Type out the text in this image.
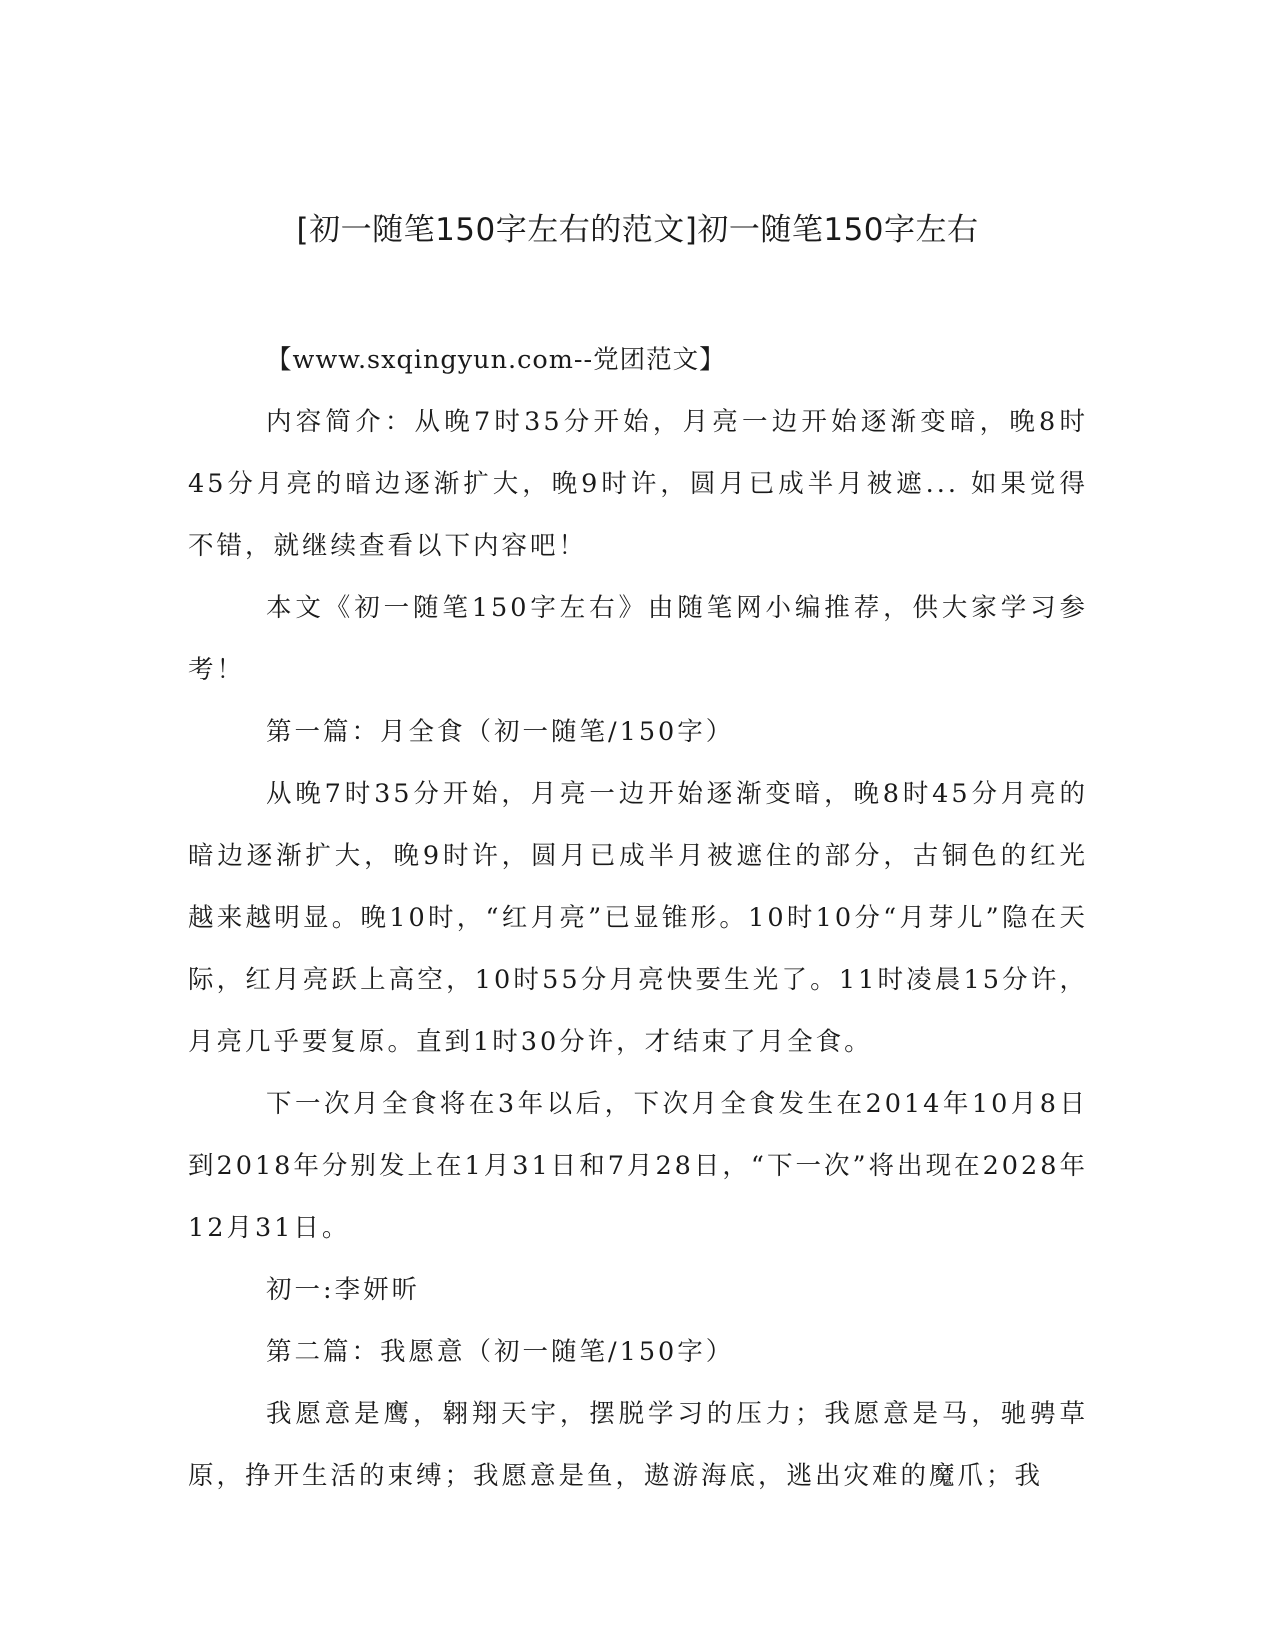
[初一随笔150字左右的范文]初一随笔150字左右

【www.sxqingyun.com--党团范文】

内容简介：从晚7时35分开始，月亮一边开始逐渐变暗，晚8时45分月亮的暗边逐渐扩大，晚9时许，圆月已成半月被遮... 如果觉得不错，就继续查看以下内容吧！

本文《初一随笔150字左右》由随笔网小编推荐，供大家学习参考！

第一篇：月全食（初一随笔/150字）

从晚7时35分开始，月亮一边开始逐渐变暗，晚8时45分月亮的暗边逐渐扩大，晚9时许，圆月已成半月被遮住的部分，古铜色的红光越来越明显。晚10时，“红月亮”已显锥形。10时10分“月芽儿”隐在天际，红月亮跃上高空，10时55分月亮快要生光了。11时凌晨15分许，月亮几乎要复原。直到1时30分许，才结束了月全食。

下一次月全食将在3年以后，下次月全食发生在2014年10月8日到2018年分别发上在1月31日和7月28日，“下一次”将出现在2028年12月31日。

初一:李妍昕

第二篇：我愿意（初一随笔/150字）

我愿意是鹰，翱翔天宇，摆脱学习的压力；我愿意是马，驰骋草原，挣开生活的束缚；我愿意是鱼，遨游海底，逃出灾难的魔爪；我
